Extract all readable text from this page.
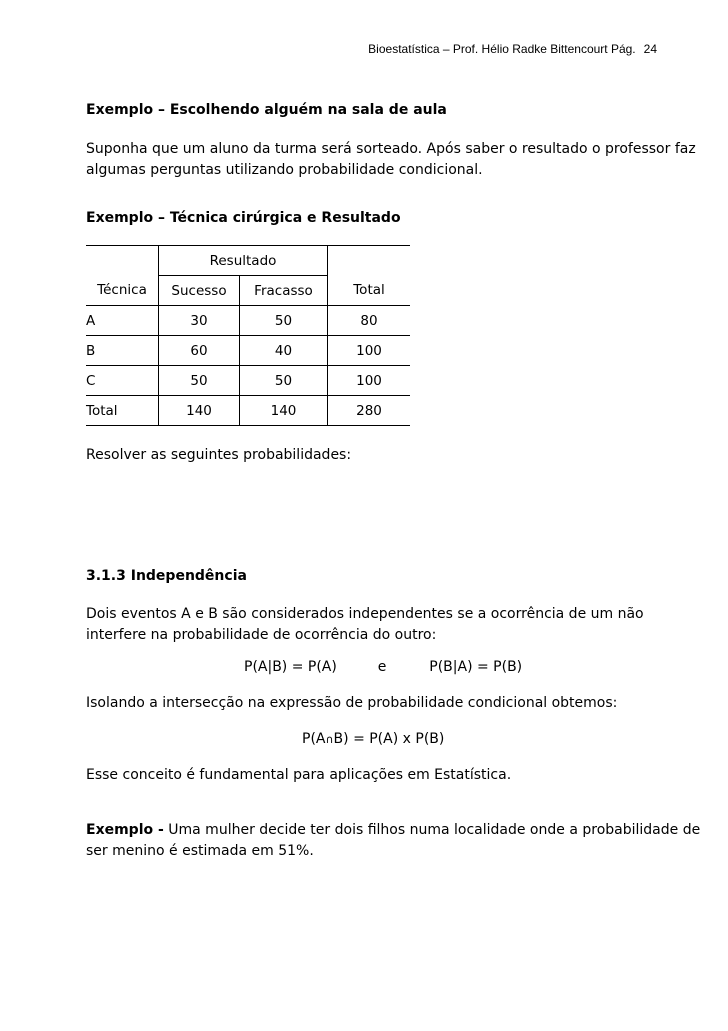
Bioestatística – Prof. Hélio Radke Bittencourt Pág. 24
Exemplo – Escolhendo alguém na sala de aula
Suponha que um aluno da turma será sorteado. Após saber o resultado o professor faz
algumas perguntas utilizando probabilidade condicional.
Exemplo – Técnica cirúrgica e Resultado
	Resultado		
Técnica	Sucesso	Fracasso	Total
A	30	50	80
B	60	40	100
C	50	50	100
Total	140	140	280
Resolver as seguintes probabilidades:
3.1.3 Independência
Dois eventos A e B são considerados independentes se a ocorrência de um não
interfere na probabilidade de ocorrência do outro:
P(A|B) = P(A)	e	P(B|A) = P(B)
Isolando a intersecção na expressão de probabilidade condicional obtemos:
P(A∩B) = P(A) x P(B)
Esse conceito é fundamental para aplicações em Estatística.
Exemplo - Uma mulher decide ter dois filhos numa localidade onde a probabilidade de
ser menino é estimada em 51%.
